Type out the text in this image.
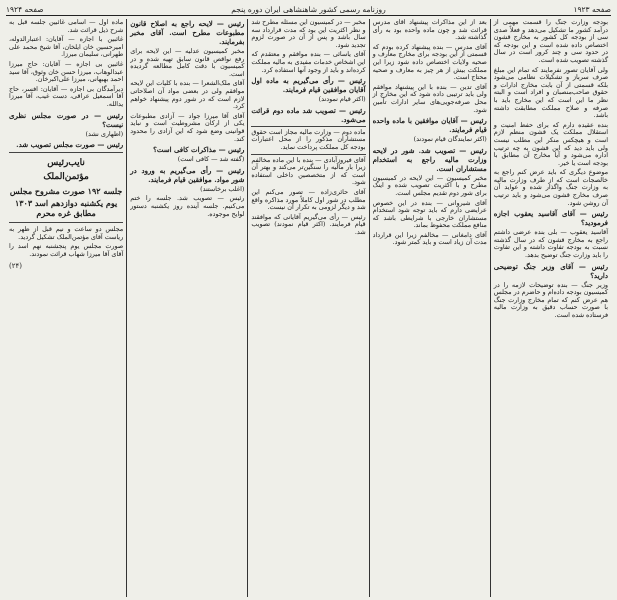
صفحه ۱۹۲۳
روزنامه رسمی کشور شاهنشاهی ایران دوره پنجم
صفحه ۱۹۲۴

بودجه وزارت جنگ را قسمت مهمی از درآمد کشور ما تشکیل می‌دهد و فعلاً صدی سی از بودجه کل کشور به مخارج قشون اختصاص داده شده است و این بودجه که در حدود سی و چند کرور است در سال گذشته تصویب شده است.

ولی آقایان تصور نفرمایند که تمام این مبلغ صرف سرباز و تشکیلات نظامی می‌شود بلکه قسمتی از آن بابت مخارج ادارات و حقوق صاحب‌منصبان و افراد است و البته نظر ما این است که این مخارج باید با صرفه و صلاح مملکت مطابقت داشته باشد.

بنده عقیده دارم که برای حفظ امنیت و استقلال مملکت یک قشون منظم لازم است و هیچکس منکر این مطلب نیست ولی باید دید که این قشون به چه ترتیب اداره می‌شود و آیا مخارج آن مطابق با بودجه است یا خیر.

موضوع دیگری که باید عرض کنم راجع به خالصجات است که از طرف وزارت مالیه به وزارت جنگ واگذار شده و عواید آن صرف مخارج قشون می‌شود و باید ترتیب آن روشن شود.

رئیس — آقای آقاسید یعقوب اجازه فرمودید؟

آقاسید یعقوب — بلی بنده عرضی داشتم راجع به مخارج قشون که در سال گذشته نسبت به بودجه تفاوت داشته و این تفاوت را باید وزارت جنگ توضیح بدهد.

رئیس — آقای وزیر جنگ توضیحی دارید؟

وزیر جنگ — بنده توضیحات لازمه را در کمیسیون بودجه داده‌ام و حاضرم در مجلس هم عرض کنم که تمام مخارج وزارت جنگ با صورت حساب دقیق به وزارت مالیه فرستاده شده است.

بعد از این مذاکرات پیشنهاد آقای مدرس قرائت شد و چون ماده واحده بود به رأی گذاشته شد.

آقای مدرس — بنده پیشنهاد کرده بودم که قسمتی از این بودجه برای مخارج معارف و صحیه ولایات اختصاص داده شود زیرا این مملکت بیش از هر چیز به معارف و صحیه محتاج است.

آقای تدین — بنده با این پیشنهاد موافقم ولی باید ترتیبی داده شود که این مخارج از محل صرفه‌جویی‌های سایر ادارات تأمین شود.

رئیس — آقایان موافقین با ماده واحده قیام فرمایند.

(اکثر نمایندگان قیام نمودند)

رئیس — تصویب شد. شور در لایحه وزارت مالیه راجع به استخدام مستشاران است.

مخبر کمیسیون — این لایحه در کمیسیون مطرح و با اکثریت تصویب شده و اینک برای شور دوم تقدیم مجلس است.

آقای شیروانی — بنده در این خصوص عرایضی دارم که باید توجه شود استخدام مستشاران خارجی با شرایطی باشد که منافع مملکت محفوظ بماند.

آقای دامغانی — مخالفم زیرا این قرارداد مدت آن زیاد است و باید کمتر شود.

مخبر — در کمیسیون این مسئله مطرح شد و نظر اکثریت این بود که مدت قرارداد سه سال باشد و پس از آن در صورت لزوم تجدید شود.

آقای یاسائی — بنده موافقم و معتقدم که این اشخاص خدمات مفیدی به مالیه مملکت کرده‌اند و باید از وجود آنها استفاده کرد.

رئیس — رأی می‌گیریم به ماده اول آقایان موافقین قیام فرمایند.

(اکثر قیام نمودند)

رئیس — تصویب شد ماده دوم قرائت می‌شود.

ماده دوم — وزارت مالیه مجاز است حقوق مستشاران مذکور را از محل اعتبارات بودجه کل مملکت پرداخت نماید.

آقای فیروزآبادی — بنده با این ماده مخالفم زیرا بار مالیه را سنگین‌تر می‌کند و بهتر آن است که از متخصصین داخلی استفاده شود.

آقای حائری‌زاده — تصور می‌کنم این مطلب در شور اول کاملاً مورد مذاکره واقع شد و دیگر لزومی به تکرار آن نیست.

رئیس — رأی می‌گیریم آقایانی که موافقند قیام فرمایند. (اکثر قیام نمودند) تصویب شد.

رئیس — لایحه راجع به اصلاح قانون مطبوعات مطرح است. آقای مخبر بفرمایند.

مخبر کمیسیون عدلیه — این لایحه برای رفع نواقص قانون سابق تهیه شده و در کمیسیون با دقت کامل مطالعه گردیده است.

آقای ملک‌الشعرا — بنده با کلیات این لایحه موافقم ولی در بعضی مواد آن اصلاحاتی لازم است که در شور دوم پیشنهاد خواهم کرد.

آقای آقا میرزا جواد — آزادی مطبوعات یکی از ارکان مشروطیت است و نباید قوانینی وضع شود که این آزادی را محدود کند.

رئیس — مذاکرات کافی است؟

(گفته شد — کافی است)

رئیس — رأی می‌گیریم به ورود در شور مواد. موافقین قیام فرمایند.

(اغلب برخاستند)

رئیس — تصویب شد. جلسه را ختم می‌کنیم. جلسه آینده روز یکشنبه دستور لوایح موجوده.

ماده اول — اسامی غائبین جلسه قبل به شرح ذیل قرائت شد.

غائبین با اجازه — آقایان: اعتبارالدوله، امیرحسین خان ایلخان، آقا شیخ محمد علی طهرانی، سلیمان میرزا.

غائبین بی اجازه — آقایان: حاج میرزا عبدالوهاب، میرزا حسن خان وثوق، آقا سید احمد بهبهانی، میرزا علی‌اکبرخان.

دیرآمدگان بی اجازه — آقایان: افسر، حاج آقا اسمعیل عراقی، دست غیب، آقا میرزا یدالله.

رئیس — در صورت مجلس نظری نیست؟

(اظهاری نشد)

رئیس — صورت مجلس تصویب شد.

نایب‌رئیس
مؤتمن‌الملک
جلسه ۱۹۲ صورت مشروح مجلس
یوم یکشنبه دوازدهم اسد ۱۳۰۳ مطابق غره محرم

مجلس دو ساعت و نیم قبل از ظهر به ریاست آقای مؤتمن‌الملک تشکیل گردید.

صورت مجلس یوم پنجشنبه نهم اسد را آقای آقا میرزا شهاب قرائت نمودند.

(۲۴)
